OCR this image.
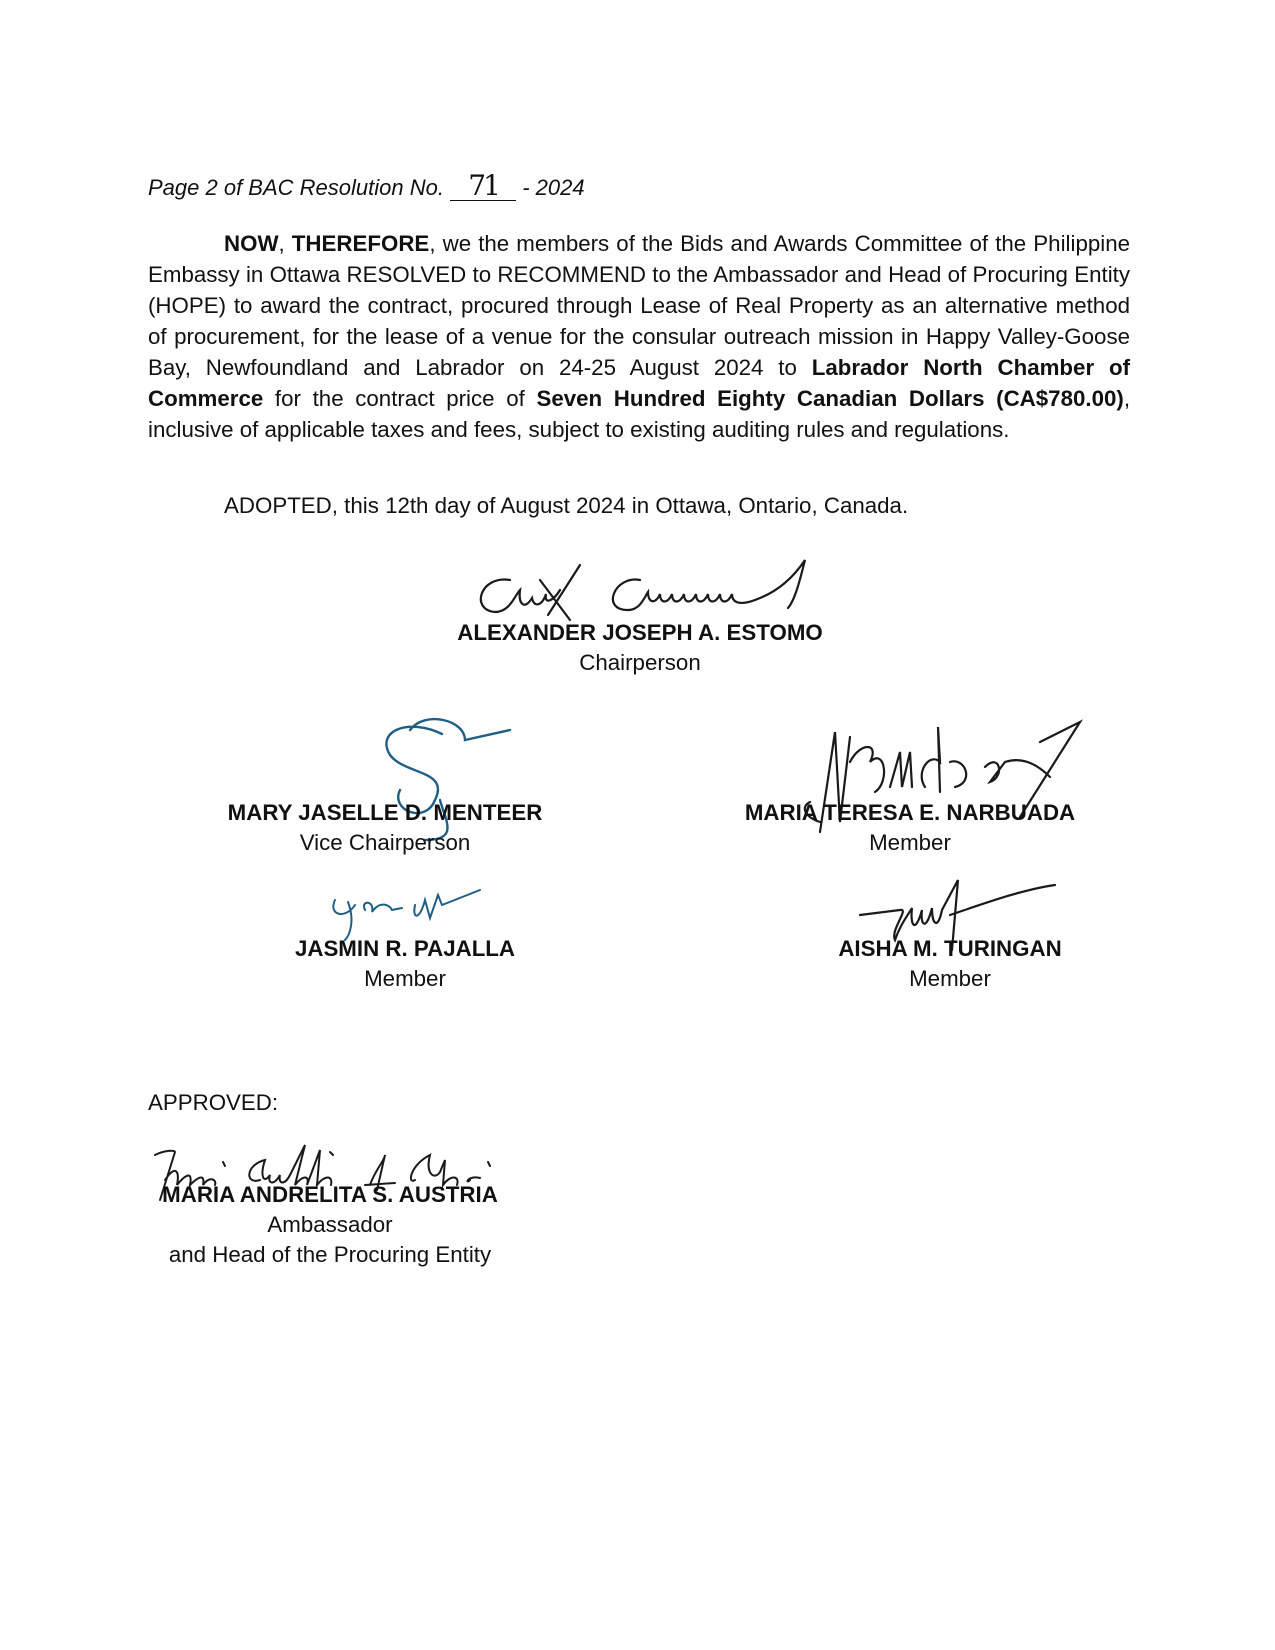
Page 2 of BAC Resolution No. 71 - 2024

NOW, THEREFORE, we the members of the Bids and Awards Committee of the Philippine Embassy in Ottawa RESOLVED to RECOMMEND to the Ambassador and Head of Procuring Entity (HOPE) to award the contract, procured through Lease of Real Property as an alternative method of procurement, for the lease of a venue for the consular outreach mission in Happy Valley-Goose Bay, Newfoundland and Labrador on 24-25 August 2024 to Labrador North Chamber of Commerce for the contract price of Seven Hundred Eighty Canadian Dollars (CA$780.00), inclusive of applicable taxes and fees, subject to existing auditing rules and regulations.

ADOPTED, this 12th day of August 2024 in Ottawa, Ontario, Canada.
ALEXANDER JOSEPH A. ESTOMO
Chairperson
MARY JASELLE D. MENTEER
Vice Chairperson
MARIA TERESA E. NARBUADA
Member
JASMIN R. PAJALLA
Member
AISHA M. TURINGAN
Member
APPROVED:
MARIA ANDRELITA S. AUSTRIA
Ambassador
and Head of the Procuring Entity
